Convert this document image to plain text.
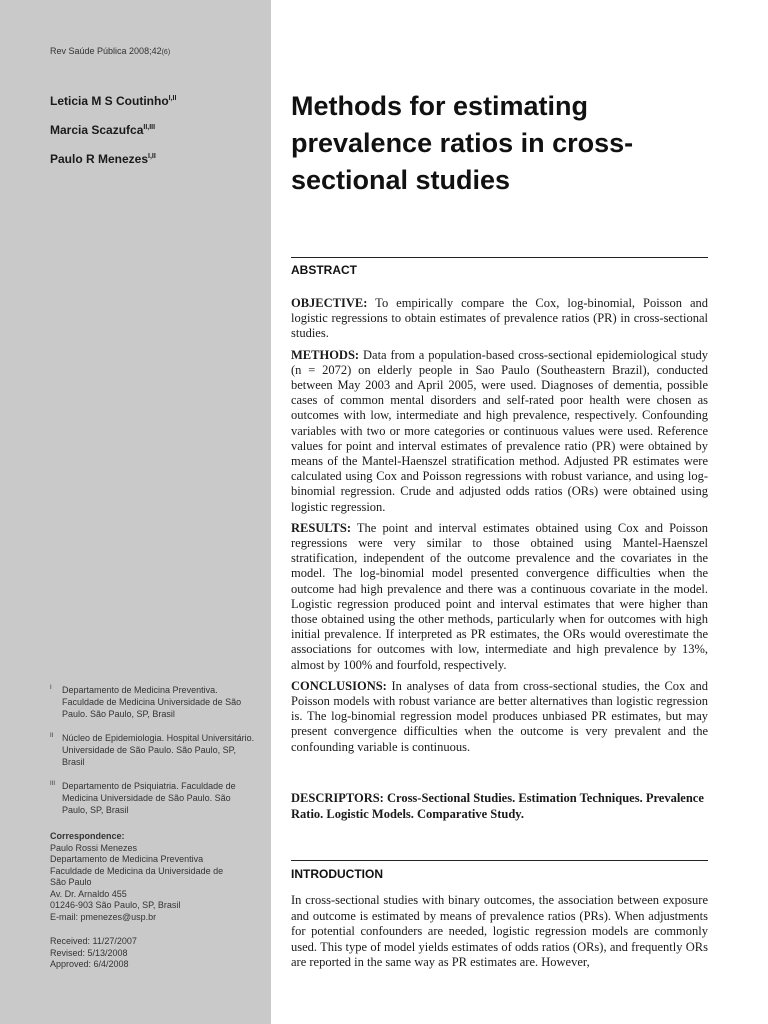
Rev Saúde Pública 2008;42(6)
Leticia M S Coutinho$^{I,II}$
Marcia Scazufca$^{II,III}$
Paulo R Menezes$^{I,II}$
I	Departamento de Medicina Preventiva. Faculdade de Medicina Universidade de São Paulo. São Paulo, SP, Brasil
II Núcleo de Epidemiologia. Hospital Universitário. Universidade de São Paulo. São Paulo, SP, Brasil
III Departamento de Psiquiatria. Faculdade de Medicina Universidade de São Paulo. São Paulo, SP, Brasil
Correspondence:
Paulo Rossi Menezes
Departamento de Medicina Preventiva
Faculdade de Medicina da Universidade de
São Paulo
Av. Dr. Arnaldo 455
01246-903 São Paulo, SP, Brasil
E-mail: pmenezes@usp.br
Received: 11/27/2007
Revised: 5/13/2008
Approved: 6/4/2008
Methods for estimating prevalence ratios in cross-sectional studies
ABSTRACT

OBJECTIVE: To empirically compare the Cox, log-binomial, Poisson and logistic regressions to obtain estimates of prevalence ratios (PR) in cross-sectional studies.

METHODS: Data from a population-based cross-sectional epidemiological study (n = 2072) on elderly people in Sao Paulo (Southeastern Brazil), conducted between May 2003 and April 2005, were used. Diagnoses of dementia, possible cases of common mental disorders and self-rated poor health were chosen as outcomes with low, intermediate and high prevalence, respectively. Confounding variables with two or more categories or continuous values were used. Reference values for point and interval estimates of prevalence ratio (PR) were obtained by means of the Mantel-Haenszel stratification method. Adjusted PR estimates were calculated using Cox and Poisson regressions with robust variance, and using log-binomial regression. Crude and adjusted odds ratios (ORs) were obtained using logistic regression.

RESULTS: The point and interval estimates obtained using Cox and Poisson regressions were very similar to those obtained using Mantel-Haenszel stratification, independent of the outcome prevalence and the covariates in the model. The log-binomial model presented convergence difficulties when the outcome had high prevalence and there was a continuous covariate in the model. Logistic regression produced point and interval estimates that were higher than those obtained using the other methods, particularly when for outcomes with high initial prevalence. If interpreted as PR estimates, the ORs would overestimate the associations for outcomes with low, intermediate and high prevalence by 13%, almost by 100% and fourfold, respectively.

CONCLUSIONS: In analyses of data from cross-sectional studies, the Cox and Poisson models with robust variance are better alternatives than logistic regression is. The log-binomial regression model produces unbiased PR estimates, but may present convergence difficulties when the outcome is very prevalent and the confounding variable is continuous.

DESCRIPTORS: Cross-Sectional Studies. Estimation Techniques. Prevalence Ratio. Logistic Models. Comparative Study.
INTRODUCTION
In cross-sectional studies with binary outcomes, the association between exposure and outcome is estimated by means of prevalence ratios (PRs). When adjustments for potential confounders are needed, logistic regression models are commonly used. This type of model yields estimates of odds ratios (ORs), and frequently ORs are reported in the same way as PR estimates are. However,
